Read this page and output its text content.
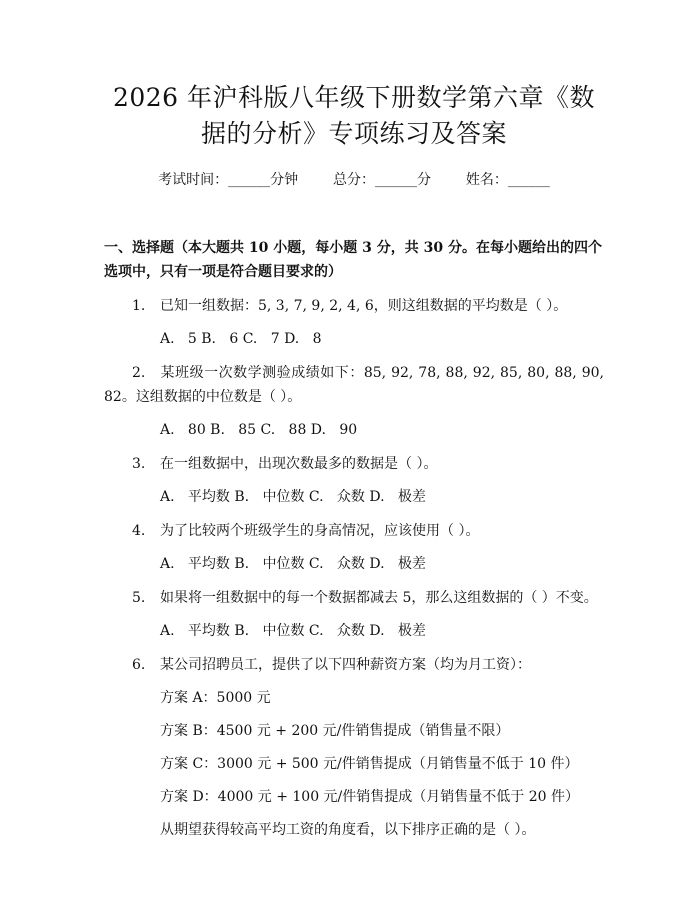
2026 年沪科版八年级下册数学第六章《数据的分析》专项练习及答案
考试时间：______分钟 总分：______分 姓名：______
一、选择题（本大题共 10 小题，每小题 3 分，共 30 分。在每小题给出的四个选项中，只有一项是符合题目要求的）
1. 已知一组数据：5, 3, 7, 9, 2, 4, 6，则这组数据的平均数是（ ）。
A.   5 B.   6 C.   7 D.   8
2. 某班级一次数学测验成绩如下：85, 92, 78, 88, 92, 85, 80, 88, 90, 82。这组数据的中位数是（ ）。
A.   80 B.   85 C.   88 D.   90
3. 在一组数据中，出现次数最多的数据是（ ）。
A.   平均数 B.   中位数 C.   众数 D.   极差
4. 为了比较两个班级学生的身高情况，应该使用（ ）。
A.   平均数 B.   中位数 C.   众数 D.   极差
5. 如果将一组数据中的每一个数据都减去 5，那么这组数据的（ ）不变。
A.   平均数 B.   中位数 C.   众数 D.   极差
6. 某公司招聘员工，提供了以下四种薪资方案（均为月工资）：
方案 A：5000 元
方案 B：4500 元 + 200 元/件销售提成（销售量不限）
方案 C：3000 元 + 500 元/件销售提成（月销售量不低于 10 件）
方案 D：4000 元 + 100 元/件销售提成（月销售量不低于 20 件）
从期望获得较高平均工资的角度看，以下排序正确的是（ ）。
